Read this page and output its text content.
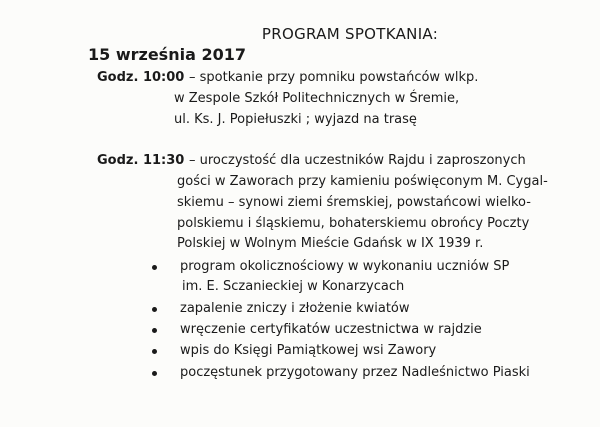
PROGRAM SPOTKANIA:
15 września 2017
Godz. 10:00 – spotkanie przy pomniku powstańców wlkp.
w Zespole Szkół Politechnicznych w Śremie,
ul. Ks. J. Popiełuszki ; wyjazd na trasę
Godz. 11:30 – uroczystość dla uczestników Rajdu i zaproszonych
gości w Zaworach przy kamieniu poświęconym M. Cygal-
skiemu – synowi ziemi śremskiej, powstańcowi wielko-
polskiemu i śląskiemu, bohaterskiemu obrońcy Poczty
Polskiej w Wolnym Mieście Gdańsk w IX 1939 r.
program okolicznościowy w wykonaniu uczniów SP
im. E. Sczanieckiej w Konarzycach
zapalenie zniczy i złożenie kwiatów
wręczenie certyfikatów uczestnictwa w rajdzie
wpis do Księgi Pamiątkowej wsi Zawory
poczęstunek przygotowany przez Nadleśnictwo Piaski
